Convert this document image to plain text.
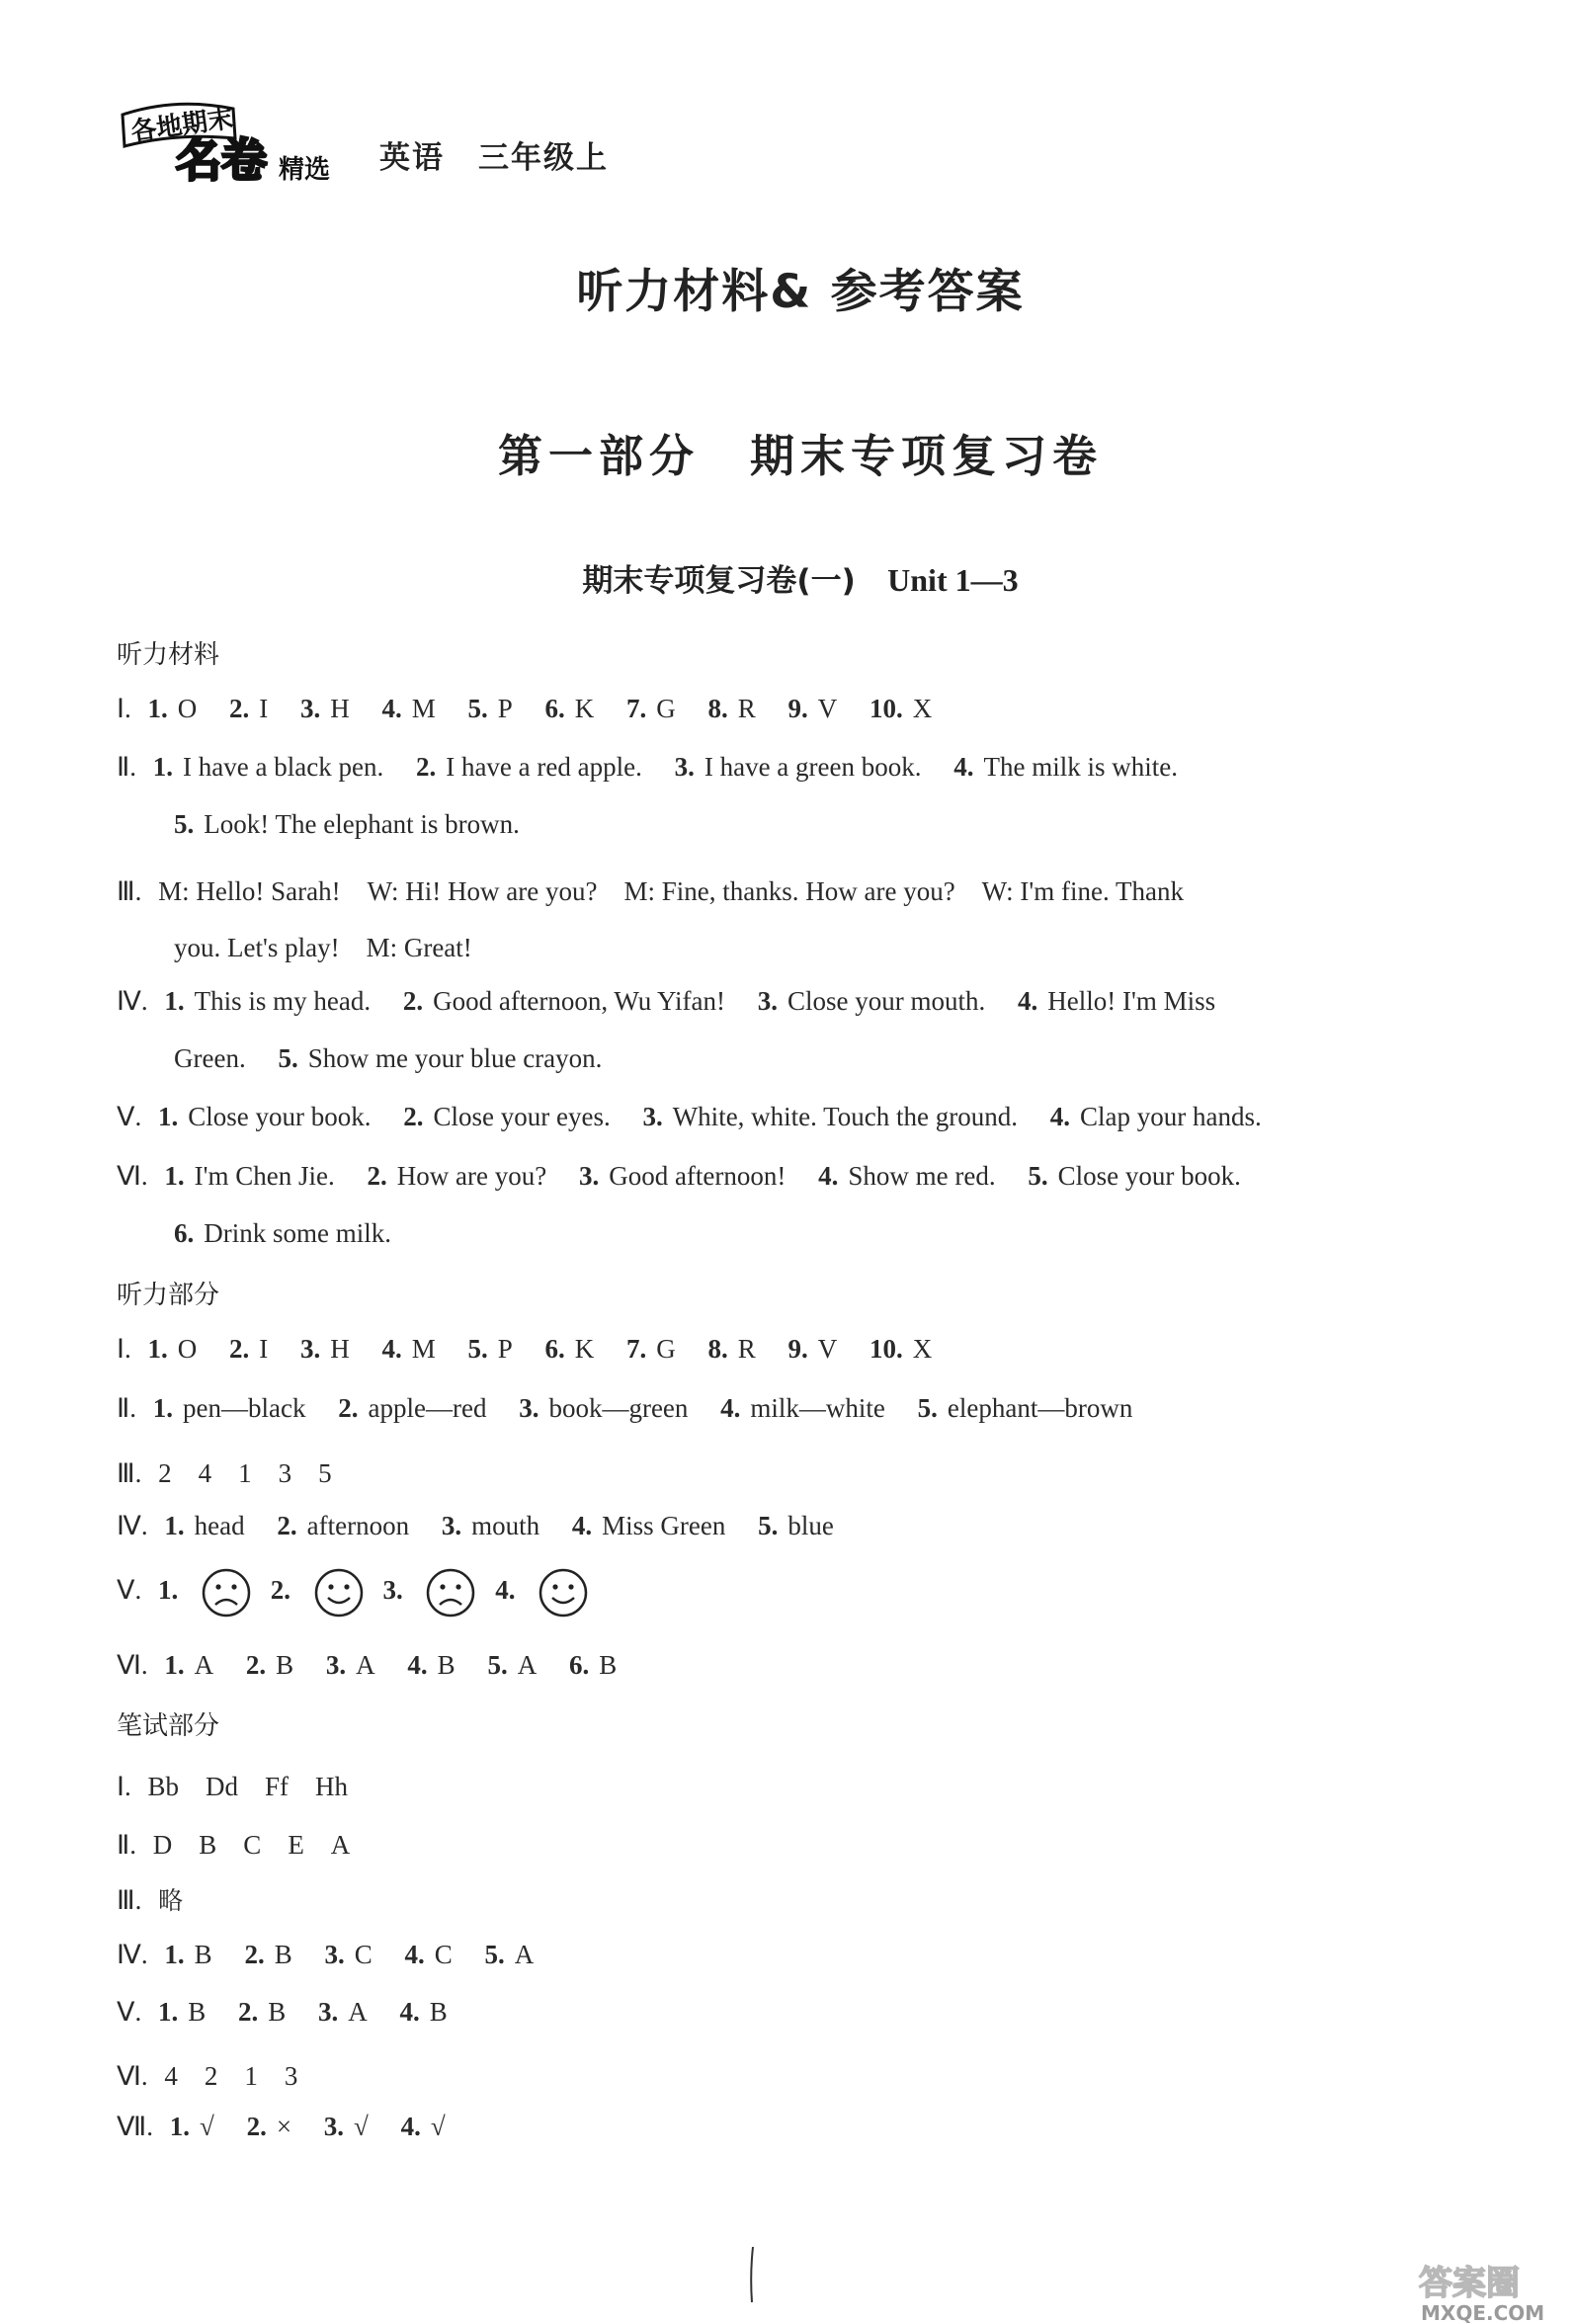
各地期末
名卷 精选 英语 三年级上
听力材料& 参考答案
第一部分　期末专项复习卷
期末专项复习卷(一) Unit 1—3
听力材料
Ⅰ. 1. O 2. I 3. H 4. M 5. P 6. K 7. G 8. R 9. V 10. X
Ⅱ. 1. I have a black pen. 2. I have a red apple. 3. I have a green book. 4. The milk is white.
5. Look! The elephant is brown.
Ⅲ. M: Hello! Sarah!　W: Hi! How are you?　M: Fine, thanks. How are you?　W: I'm fine. Thank
you. Let's play!　M: Great!
Ⅳ. 1. This is my head. 2. Good afternoon, Wu Yifan! 3. Close your mouth. 4. Hello! I'm Miss
Green. 5. Show me your blue crayon.
Ⅴ. 1. Close your book. 2. Close your eyes. 3. White, white. Touch the ground. 4. Clap your hands.
Ⅵ. 1. I'm Chen Jie. 2. How are you? 3. Good afternoon! 4. Show me red. 5. Close your book.
6. Drink some milk.
听力部分
Ⅰ. 1. O 2. I 3. H 4. M 5. P 6. K 7. G 8. R 9. V 10. X
Ⅱ. 1. pen—black 2. apple—red 3. book—green 4. milk—white 5. elephant—brown
Ⅲ. 2　4　1　3　5
Ⅳ. 1. head 2. afternoon 3. mouth 4. Miss Green 5. blue
Ⅴ. 1.	2.	3.	4.
Ⅵ. 1. A 2. B 3. A 4. B 5. A 6. B
笔试部分
Ⅰ. Bb　Dd　Ff　Hh
Ⅱ. D　B　C　E　A
Ⅲ. 略
Ⅳ. 1. B 2. B 3. C 4. C 5. A
Ⅴ. 1. B 2. B 3. A 4. B
Ⅵ. 4　2　1　3
Ⅶ. 1. √ 2. × 3. √ 4. √
答案圈
MXQE.COM
